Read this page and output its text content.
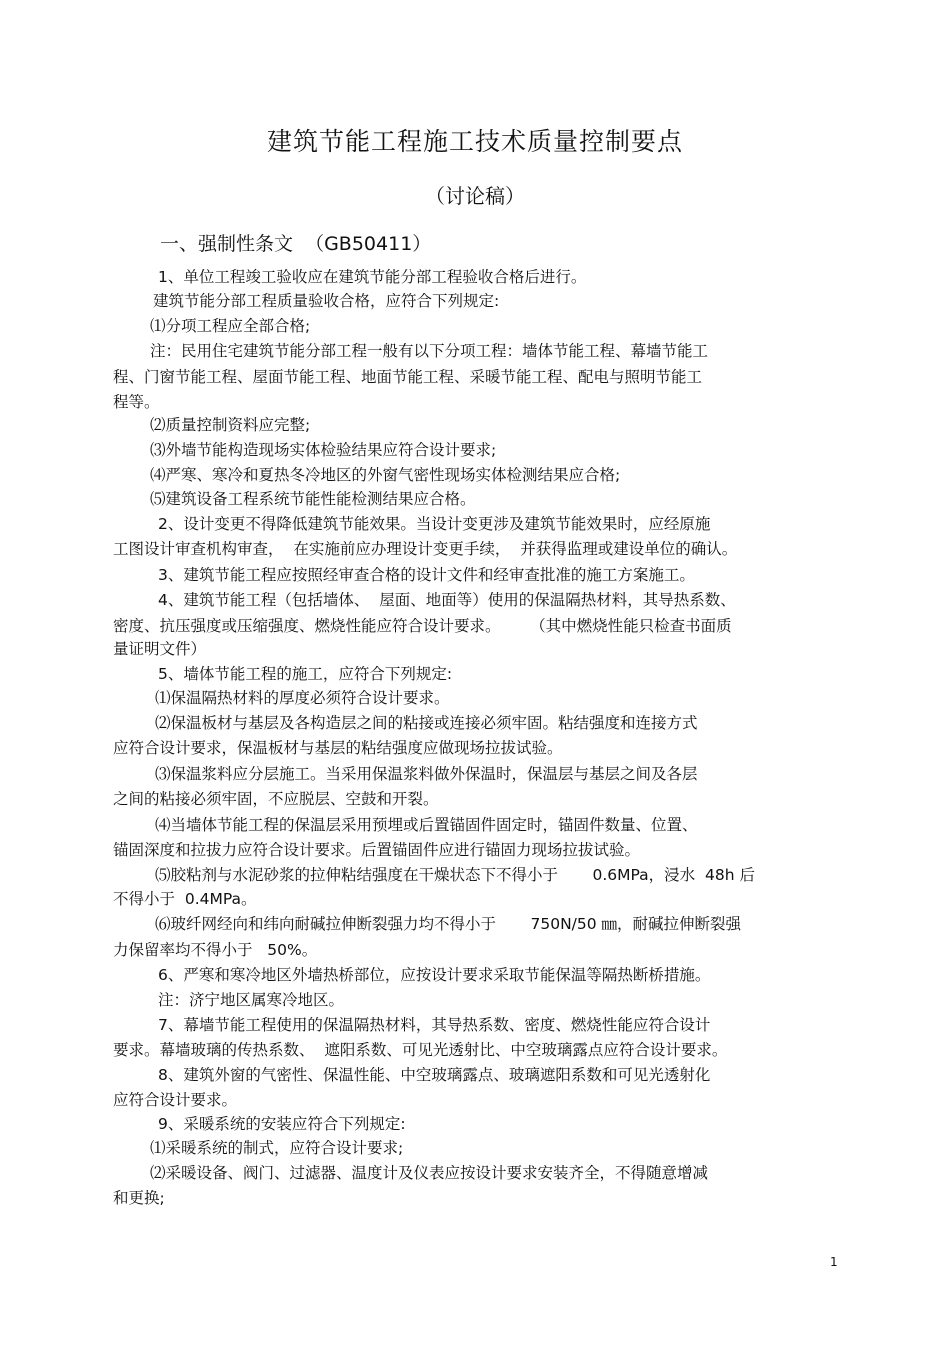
建筑节能工程施工技术质量控制要点
（讨论稿）
一、强制性条文  （GB50411）
1、单位工程竣工验收应在建筑节能分部工程验收合格后进行。
建筑节能分部工程质量验收合格，应符合下列规定:
⑴分项工程应全部合格;
注：民用住宅建筑节能分部工程一般有以下分项工程：墙体节能工程、幕墙节能工
程、门窗节能工程、屋面节能工程、地面节能工程、采暖节能工程、配电与照明节能工
程等。
⑵质量控制资料应完整;
⑶外墙节能构造现场实体检验结果应符合设计要求;
⑷严寒、寒冷和夏热冬冷地区的外窗气密性现场实体检测结果应合格;
⑸建筑设备工程系统节能性能检测结果应合格。
2、设计变更不得降低建筑节能效果。当设计变更涉及建筑节能效果时，应经原施
工图设计审查机构审查，  在实施前应办理设计变更手续，  并获得监理或建设单位的确认。
3、建筑节能工程应按照经审查合格的设计文件和经审查批准的施工方案施工。
4、建筑节能工程（包括墙体、  屋面、地面等）使用的保温隔热材料，其导热系数、
密度、抗压强度或压缩强度、燃烧性能应符合设计要求。      （其中燃烧性能只检查书面质
量证明文件）
5、墙体节能工程的施工，应符合下列规定:
⑴保温隔热材料的厚度必须符合设计要求。
⑵保温板材与基层及各构造层之间的粘接或连接必须牢固。粘结强度和连接方式
应符合设计要求，保温板材与基层的粘结强度应做现场拉拔试验。
⑶保温浆料应分层施工。当采用保温浆料做外保温时，保温层与基层之间及各层
之间的粘接必须牢固，不应脱层、空鼓和开裂。
⑷当墙体节能工程的保温层采用预埋或后置锚固件固定时，锚固件数量、位置、
锚固深度和拉拔力应符合设计要求。后置锚固件应进行锚固力现场拉拔试验。
⑸胶粘剂与水泥砂浆的拉伸粘结强度在干燥状态下不得小于       0.6MPa，浸水  48h 后
不得小于  0.4MPa。
⑹玻纤网经向和纬向耐碱拉伸断裂强力均不得小于       750N/50 ㎜，耐碱拉伸断裂强
力保留率均不得小于   50%。
6、严寒和寒冷地区外墙热桥部位，应按设计要求采取节能保温等隔热断桥措施。
注：济宁地区属寒冷地区。
7、幕墙节能工程使用的保温隔热材料，其导热系数、密度、燃烧性能应符合设计
要求。幕墙玻璃的传热系数、  遮阳系数、可见光透射比、中空玻璃露点应符合设计要求。
8、建筑外窗的气密性、保温性能、中空玻璃露点、玻璃遮阳系数和可见光透射化
应符合设计要求。
9、采暖系统的安装应符合下列规定:
⑴采暖系统的制式，应符合设计要求;
⑵采暖设备、阀门、过滤器、温度计及仪表应按设计要求安装齐全，不得随意增减
和更换;
1
